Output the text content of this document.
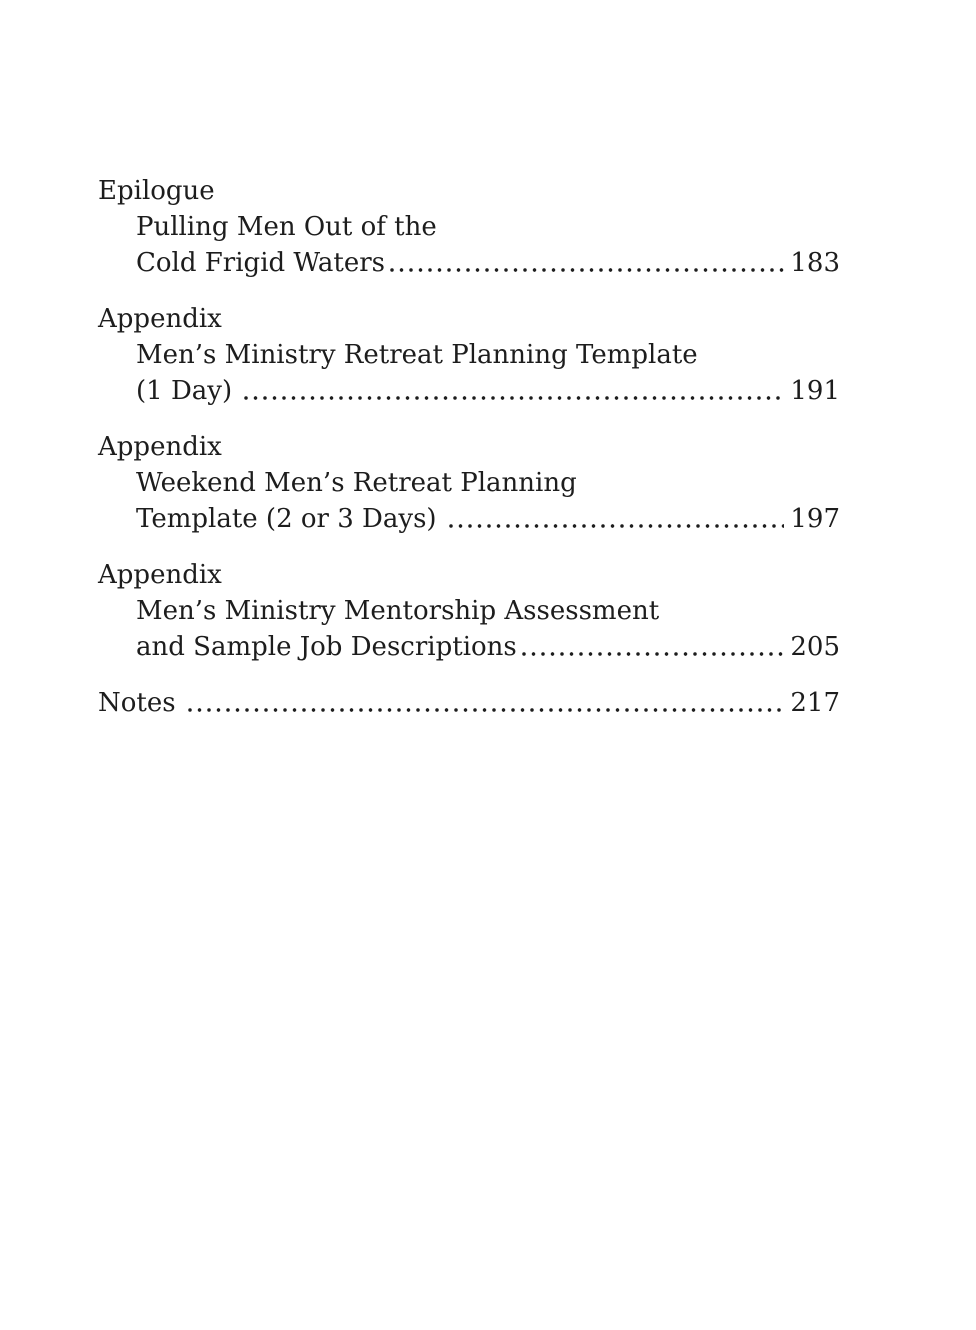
Epilogue
Pulling Men Out of the
Cold Frigid Waters	183
Appendix
Men’s Ministry Retreat Planning Template
(1 Day)	191
Appendix
Weekend Men’s Retreat Planning
Template (2 or 3 Days)	197
Appendix
Men’s Ministry Mentorship Assessment
and Sample Job Descriptions	205
Notes	217
